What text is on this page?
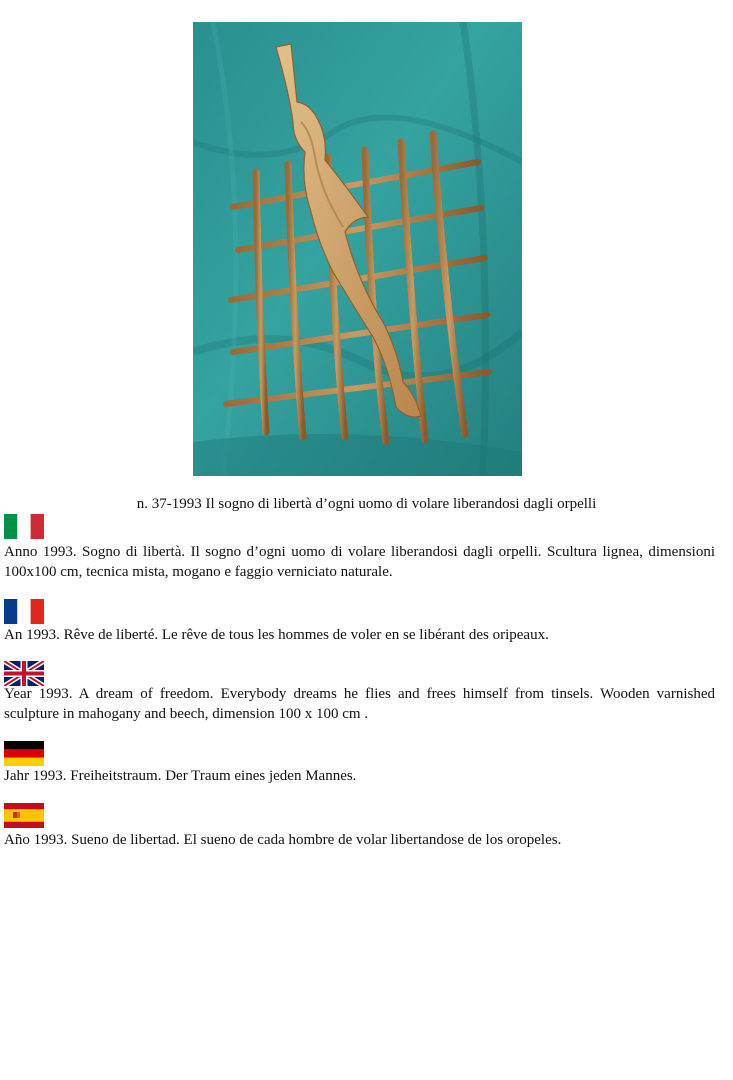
n. 37-1993 Il sogno di libertà d’ogni uomo di volare liberandosi dagli orpelli

Anno 1993. Sogno di libertà. Il sogno d’ogni uomo di volare liberandosi dagli orpelli. Scultura lignea, dimensioni 100x100 cm, tecnica mista, mogano e faggio verniciato naturale.

An 1993. Rêve de liberté. Le rêve de tous les hommes de voler en se libérant des oripeaux.

Year 1993. A dream of freedom. Everybody dreams he flies and frees himself from tinsels. Wooden varnished sculpture in mahogany and beech, dimension 100 x 100 cm .

Jahr 1993. Freiheitstraum. Der Traum eines jeden Mannes.

Año 1993. Sueno de libertad. El sueno de cada hombre de volar libertandose de los oropeles.
